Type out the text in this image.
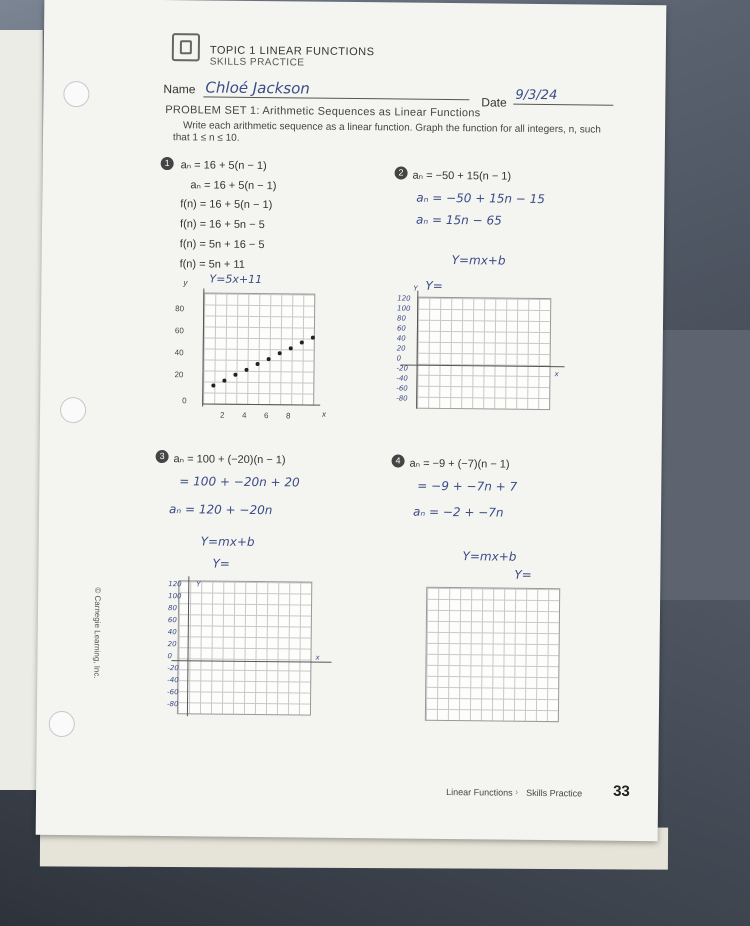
TOPIC 1 LINEAR FUNCTIONS
SKILLS PRACTICE
Name Chloé Jackson
Date 9/3/24
PROBLEM SET 1: Arithmetic Sequences as Linear Functions
Write each arithmetic sequence as a linear function. Graph the function for all integers, n, such
that 1 ≤ n ≤ 10.
1 aₙ = 16 + 5(n − 1)
aₙ = 16 + 5(n − 1)
f(n) = 16 + 5(n − 1)
f(n) = 16 + 5n − 5
f(n) = 5n + 16 − 5
f(n) = 5n + 11
Y=5x+11
y
80
60
40
20
0
2 4 6 8	x
2 aₙ = −50 + 15(n − 1)
aₙ = −50 + 15n − 15
aₙ = 15n − 65
Y=mx+b
Y=
Y
x
120
100
80
60
40
20
0
-20
-40
-60
-80
3 aₙ = 100 + (−20)(n − 1)
= 100 + −20n + 20
aₙ = 120 + −20n
Y=mx+b
Y=
Y
x
120
100
80
60
40
20
0
-20
-40
-60
-80
4 aₙ = −9 + (−7)(n − 1)
= −9 + −7n + 7
aₙ = −2 + −7n
Y=mx+b
Y=
© Carnegie Learning, Inc.
Linear Functions › Skills Practice 33
